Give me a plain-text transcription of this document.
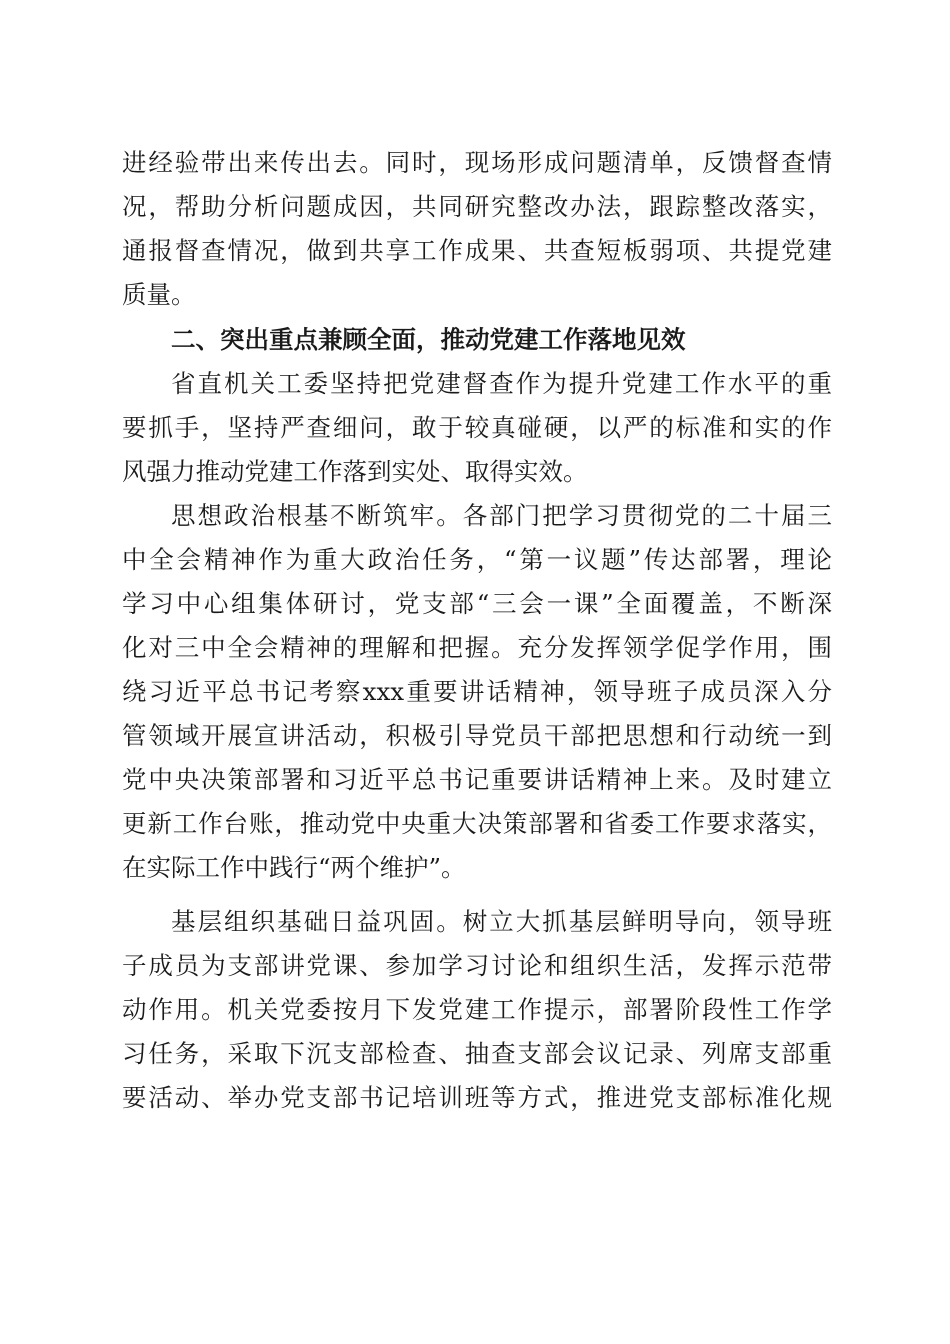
进经验带出来传出去。同时，现场形成问题清单，反馈督查情
况，帮助分析问题成因，共同研究整改办法，跟踪整改落实，
通报督查情况，做到共享工作成果、共查短板弱项、共提党建
质量。
二、突出重点兼顾全面，推动党建工作落地见效
省直机关工委坚持把党建督查作为提升党建工作水平的重
要抓手，坚持严查细问，敢于较真碰硬，以严的标准和实的作
风强力推动党建工作落到实处、取得实效。
思想政治根基不断筑牢。各部门把学习贯彻党的二十届三
中全会精神作为重大政治任务，“第一议题”传达部署，理论
学习中心组集体研讨，党支部“三会一课”全面覆盖，不断深
化对三中全会精神的理解和把握。充分发挥领学促学作用，围
绕习近平总书记考察xxx重要讲话精神，领导班子成员深入分
管领域开展宣讲活动，积极引导党员干部把思想和行动统一到
党中央决策部署和习近平总书记重要讲话精神上来。及时建立
更新工作台账，推动党中央重大决策部署和省委工作要求落实，
在实际工作中践行“两个维护”。
基层组织基础日益巩固。树立大抓基层鲜明导向，领导班
子成员为支部讲党课、参加学习讨论和组织生活，发挥示范带
动作用。机关党委按月下发党建工作提示，部署阶段性工作学
习任务，采取下沉支部检查、抽查支部会议记录、列席支部重
要活动、举办党支部书记培训班等方式，推进党支部标准化规
